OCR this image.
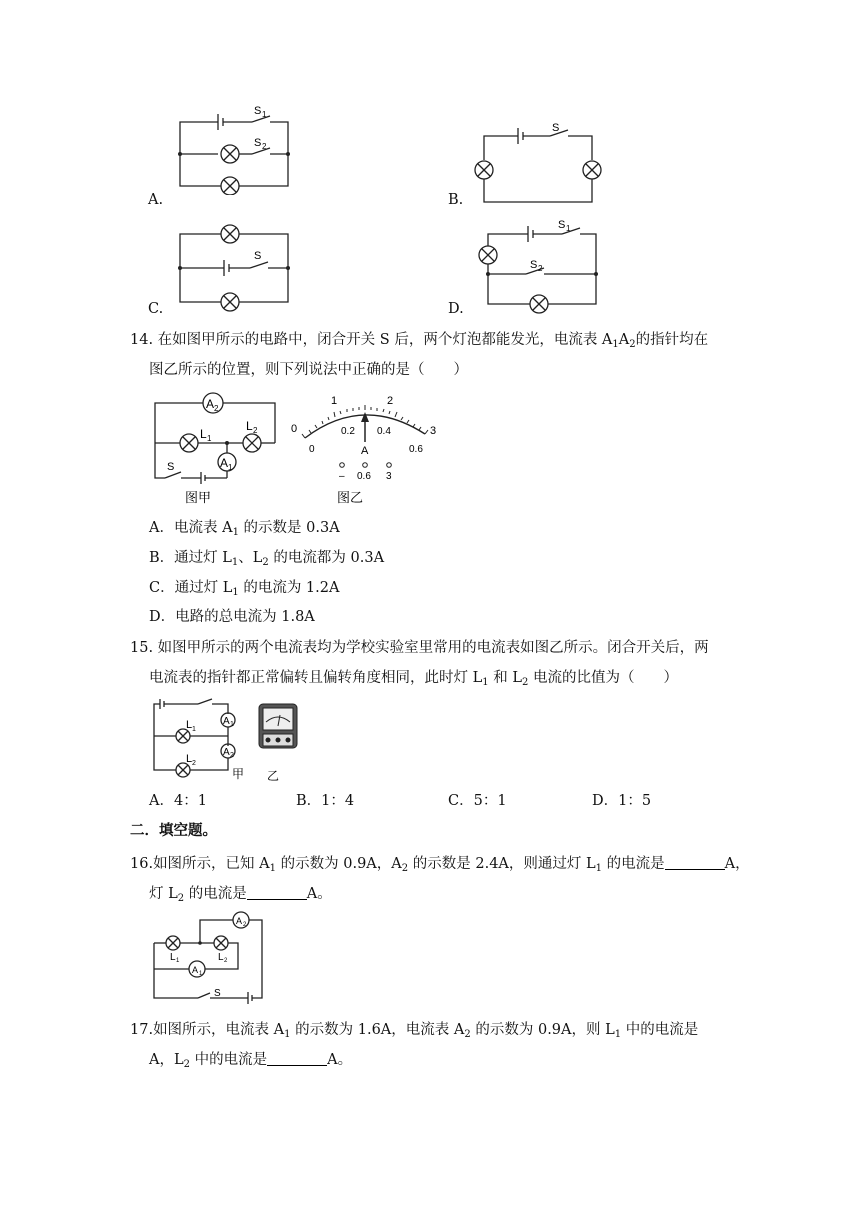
S 1
S 2
A.
S
B.
S
C.
S 1
S 2
D.
14. 在如图甲所示的电路中，闭合开关 S 后，两个灯泡都能发光，电流表 $A_1A_2$的指针均在
图乙所示的位置，则下列说法中正确的是（　　）
A 2
A 1
L 1
L 2
S
图甲
0
1	2
3
0
0.2 0.4
0.6
A
– 0.6 3
图乙
A．电流表 $A_1$ 的示数是 0.3A
B．通过灯 $L_1$、$L_2$ 的电流都为 0.3A
C．通过灯 $L_1$ 的电流为 1.2A
D．电路的总电流为 1.8A
15. 如图甲所示的两个电流表均为学校实验室里常用的电流表如图乙所示。闭合开关后，两
电流表的指针都正常偏转且偏转角度相同，此时灯 $L_1$ 和 $L_2$ 电流的比值为（　　）
A 1
A 2
L 1
L 2
甲 乙
A．4：1	B．1：4	C．5：1	D．1：5
二．填空题。
16.如图所示，已知 $A_1$ 的示数为 0.9A，$A_2$ 的示数是 2.4A，则通过灯 $L_1$ 的电流是	A，
灯 $L_2$ 的电流是	A。
A 2
A 1
L 1	L 2
S
17.如图所示，电流表 $A_1$ 的示数为 1.6A，电流表 $A_2$ 的示数为 0.9A，则 $L_1$ 中的电流是
A，$L_2$ 中的电流是	A。
